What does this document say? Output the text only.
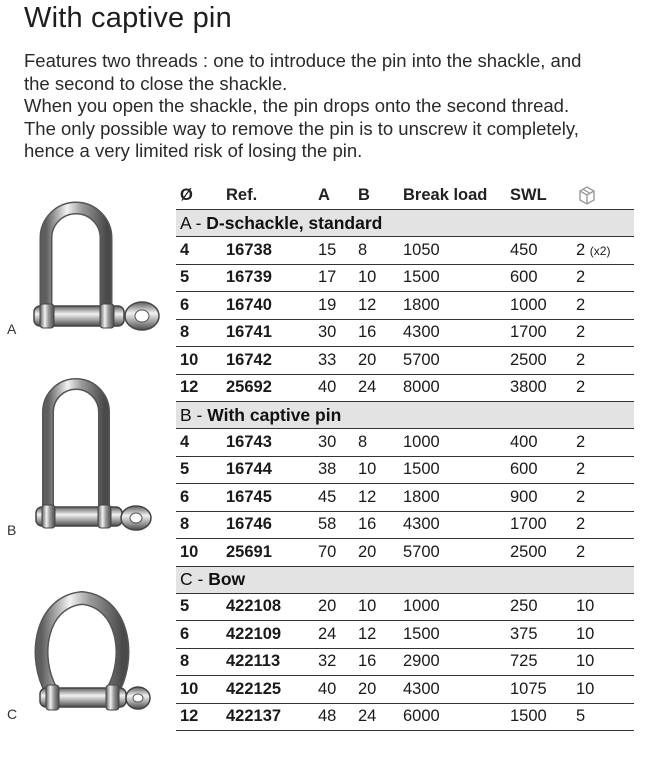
With captive pin
Features two threads : one to introduce the pin into the shackle, and
the second to close the shackle.
When you open the shackle, the pin drops onto the second thread.
The only possible way to remove the pin is to unscrew it completely,
hence a very limited risk of losing the pin.
A
B
C
Ø	Ref.	A	B	Break load	SWL	
A - D-schackle, standard						
4	16738	15	8	1050	450	2 (x2)
5	16739	17	10	1500	600	2
6	16740	19	12	1800	1000	2
8	16741	30	16	4300	1700	2
10	16742	33	20	5700	2500	2
12	25692	40	24	8000	3800	2
B - With captive pin						
4	16743	30	8	1000	400	2
5	16744	38	10	1500	600	2
6	16745	45	12	1800	900	2
8	16746	58	16	4300	1700	2
10	25691	70	20	5700	2500	2
C - Bow						
5	422108	20	10	1000	250	10
6	422109	24	12	1500	375	10
8	422113	32	16	2900	725	10
10	422125	40	20	4300	1075	10
12	422137	48	24	6000	1500	5
